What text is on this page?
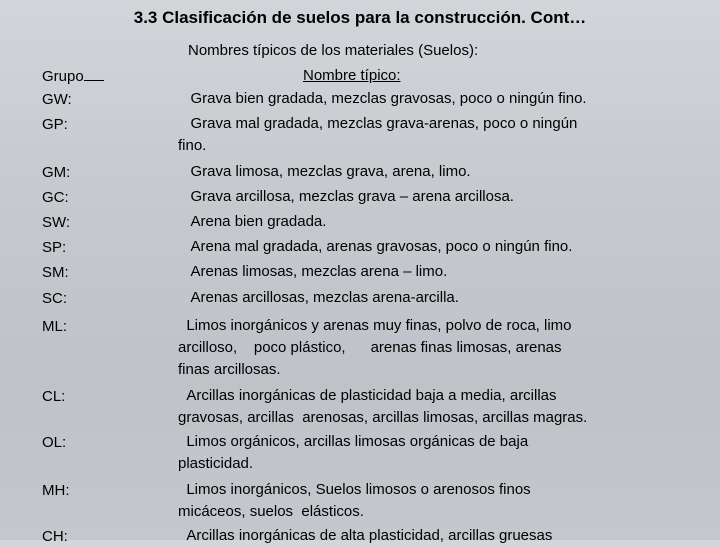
3.3 Clasificación de suelos para la construcción. Cont…
Nombres típicos de los materiales (Suelos):
Grupo	Nombre típico:
GW:	Grava bien gradada, mezclas gravosas, poco o ningún fino.
GP:	Grava mal gradada, mezclas grava-arenas, poco o ningún
fino.
GM:	Grava limosa, mezclas grava, arena, limo.
GC:	Grava arcillosa, mezclas grava – arena arcillosa.
SW:	Arena bien gradada.
SP:	Arena mal gradada, arenas gravosas, poco o ningún fino.
SM:	Arenas limosas, mezclas arena – limo.
SC:	Arenas arcillosas, mezclas arena-arcilla.
ML:	Limos inorgánicos y arenas muy finas, polvo de roca, limo
arcilloso,    poco plástico,      arenas finas limosas, arenas
finas arcillosas.
CL:	Arcillas inorgánicas de plasticidad baja a media, arcillas
gravosas, arcillas  arenosas, arcillas limosas, arcillas magras.
OL:	Limos orgánicos, arcillas limosas orgánicas de baja
plasticidad.
MH:	Limos inorgánicos, Suelos limosos o arenosos finos
micáceos, suelos  elásticos.
CH:	Arcillas inorgánicas de alta plasticidad, arcillas gruesas
